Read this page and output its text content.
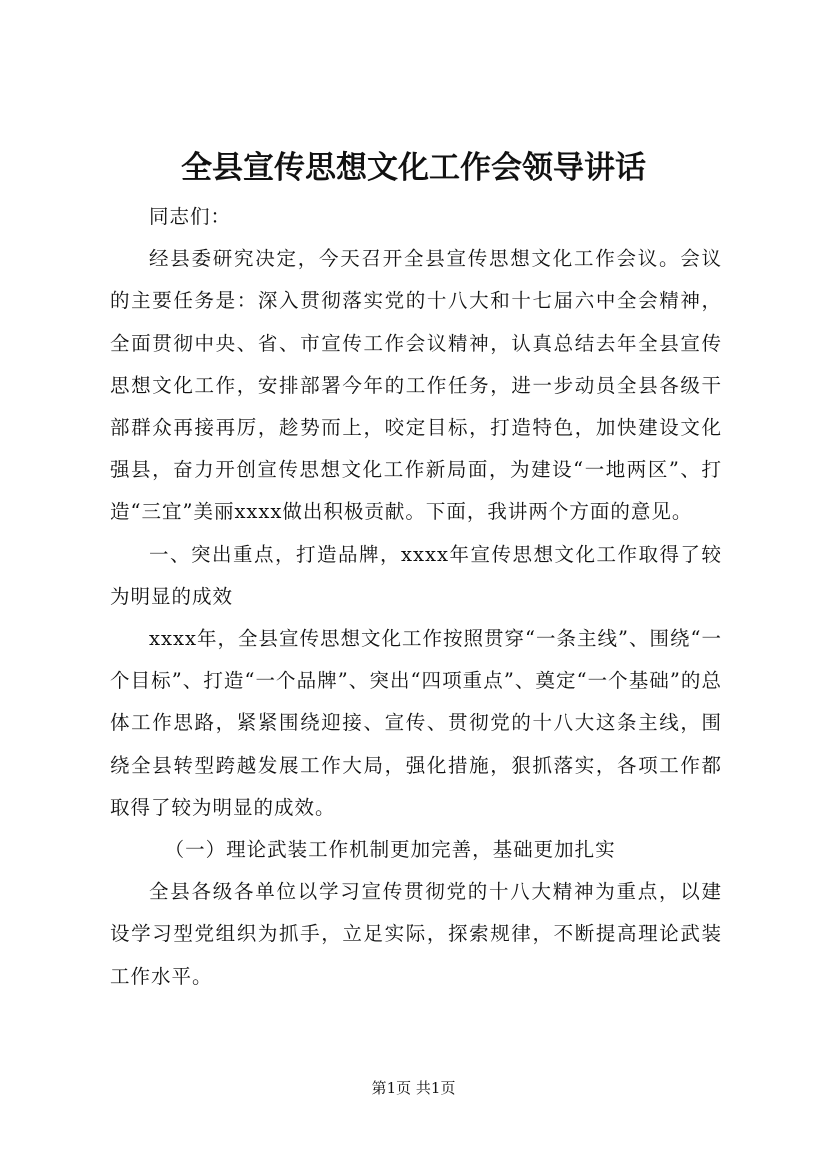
全县宣传思想文化工作会领导讲话

同志们：

经县委研究决定，今天召开全县宣传思想文化工作会议。会议的主要任务是：深入贯彻落实党的十八大和十七届六中全会精神，全面贯彻中央、省、市宣传工作会议精神，认真总结去年全县宣传思想文化工作，安排部署今年的工作任务，进一步动员全县各级干部群众再接再厉，趁势而上，咬定目标，打造特色，加快建设文化强县，奋力开创宣传思想文化工作新局面，为建设“一地两区”、打造“三宜”美丽xxxx做出积极贡献。下面，我讲两个方面的意见。

一、突出重点，打造品牌，xxxx年宣传思想文化工作取得了较为明显的成效

xxxx年，全县宣传思想文化工作按照贯穿“一条主线”、围绕“一个目标”、打造“一个品牌”、突出“四项重点”、奠定“一个基础”的总体工作思路，紧紧围绕迎接、宣传、贯彻党的十八大这条主线，围绕全县转型跨越发展工作大局，强化措施，狠抓落实，各项工作都取得了较为明显的成效。

（一）理论武装工作机制更加完善，基础更加扎实

全县各级各单位以学习宣传贯彻党的十八大精神为重点，以建设学习型党组织为抓手，立足实际，探索规律，不断提高理论武装工作水平。

第1页 共1页
